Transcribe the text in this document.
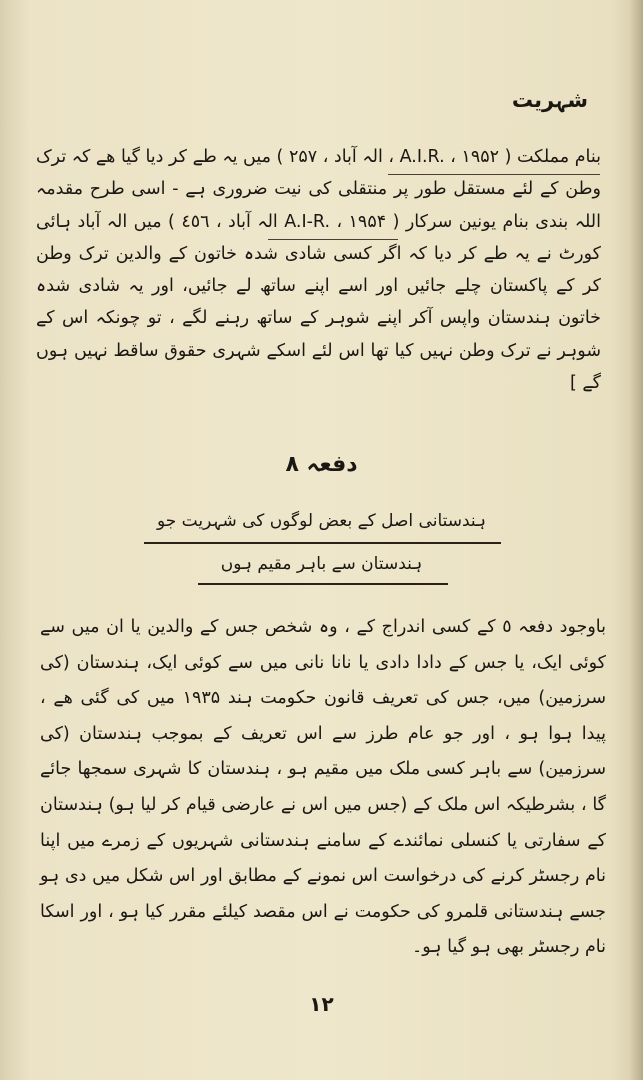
شہریت
بنام مملکت ( A.I.R. ، ۱۹۵۲ ، الہ آباد ، ۲۵۷ ) میں یہ طے کر دیا گیا ھے کہ ترک وطن کے لئے مستقل طور پر منتقلی کی نیت ضروری ہے - اسی طرح مقدمہ اللہ بندی بنام یونین سرکار ( A.I-R. ، ۱۹۵۴ الہ آباد ، ٤٥٦ ) میں الہ آباد ہائی کورٹ نے یہ طے کر دیا کہ اگر کسی شادی شدہ خاتون کے والدین ترک وطن کر کے پاکستان چلے جائیں اور اسے اپنے ساتھ لے جائیں، اور یہ شادی شدہ خاتون ہندستان واپس آکر اپنے شوہر کے ساتھ رہنے لگے ، تو چونکہ اس کے شوہر نے ترک وطن نہیں کیا تھا اس لئے اسکے شہری حقوق ساقط نہیں ہوں گے ]
دفعہ ۸
ہندستانی اصل کے بعض لوگوں کی شہریت جو
ہندستان سے باہر مقیم ہوں
باوجود دفعہ ٥ کے کسی اندراج کے ، وہ شخص جس کے والدین یا ان میں سے کوئی ایک، یا جس کے دادا دادی یا نانا نانی میں سے کوئی ایک، ہندستان (کی سرزمین) میں، جس کی تعریف قانون حکومت ہند ۱۹۳۵ میں کی گئی ھے ، پیدا ہوا ہو ، اور جو عام طرز سے اس تعریف کے بموجب ہندستان (کی سرزمین) سے باہر کسی ملک میں مقیم ہو ، ہندستان کا شہری سمجھا جائے گا ، بشرطیکہ اس ملک کے (جس میں اس نے عارضی قیام کر لیا ہو) ہندستان کے سفارتی یا کنسلی نمائندے کے سامنے ہندستانی شہریوں کے زمرے میں اپنا نام رجسٹر کرنے کی درخواست اس نمونے کے مطابق اور اس شکل میں دی ہو جسے ہندستانی قلمرو کی حکومت نے اس مقصد کیلئے مقرر کیا ہو ، اور اسکا نام رجسٹر بھی ہو گیا ہو۔
۱۲
